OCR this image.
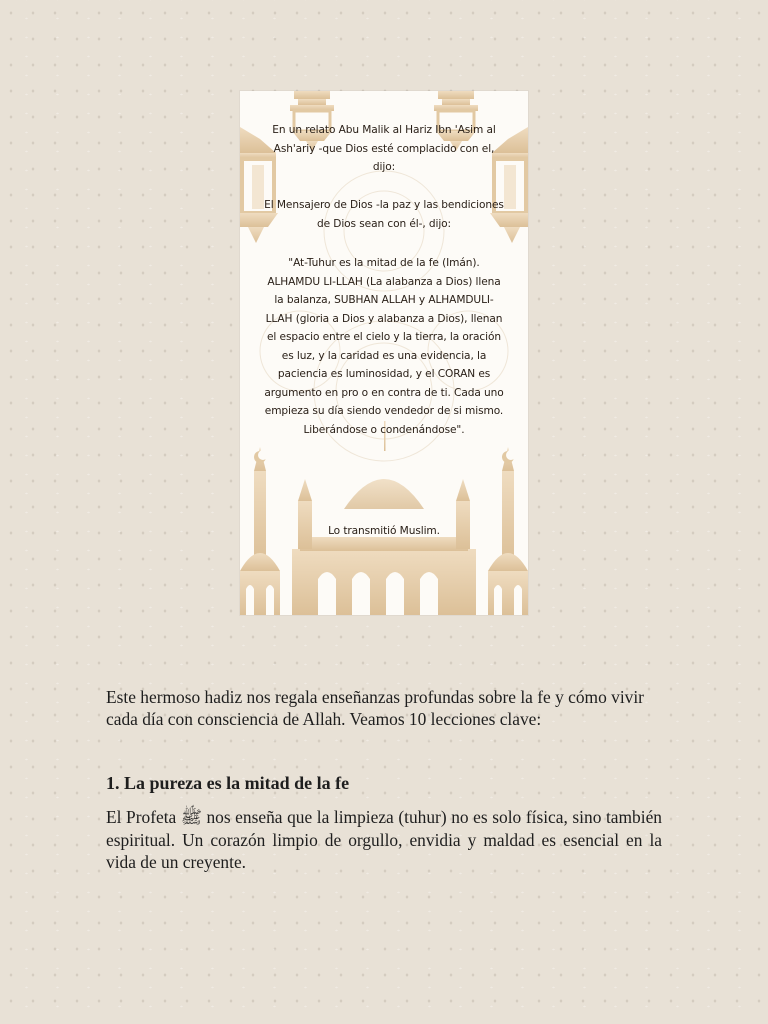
En un relato Abu Malik al Hariz Ibn 'Asim al Ash'ariy -que Dios esté complacido con el, dijo:
El Mensajero de Dios -la paz y las bendiciones de Dios sean con él-, dijo:
"At-Tuhur es la mitad de la fe (Imán). ALHAMDU LI-LLAH (La alabanza a Dios) llena la balanza, SUBHAN ALLAH y ALHAMDULI-LLAH (gloria a Dios y alabanza a Dios), llenan el espacio entre el cielo y la tierra, la oración es luz, y la caridad es una evidencia, la paciencia es luminosidad, y el CORAN es argumento en pro o en contra de ti. Cada uno empieza su día siendo vendedor de si mismo. Liberándose o condenándose".
Lo transmitió Muslim.

Este hermoso hadiz nos regala enseñanzas profundas sobre la fe y cómo vivir cada día con consciencia de Allah. Veamos 10 lecciones clave:

1. La pureza es la mitad de la fe

El Profeta ﷺ nos enseña que la limpieza (tuhur) no es solo física, sino también espiritual. Un corazón limpio de orgullo, envidia y maldad es esencial en la vida de un creyente.
